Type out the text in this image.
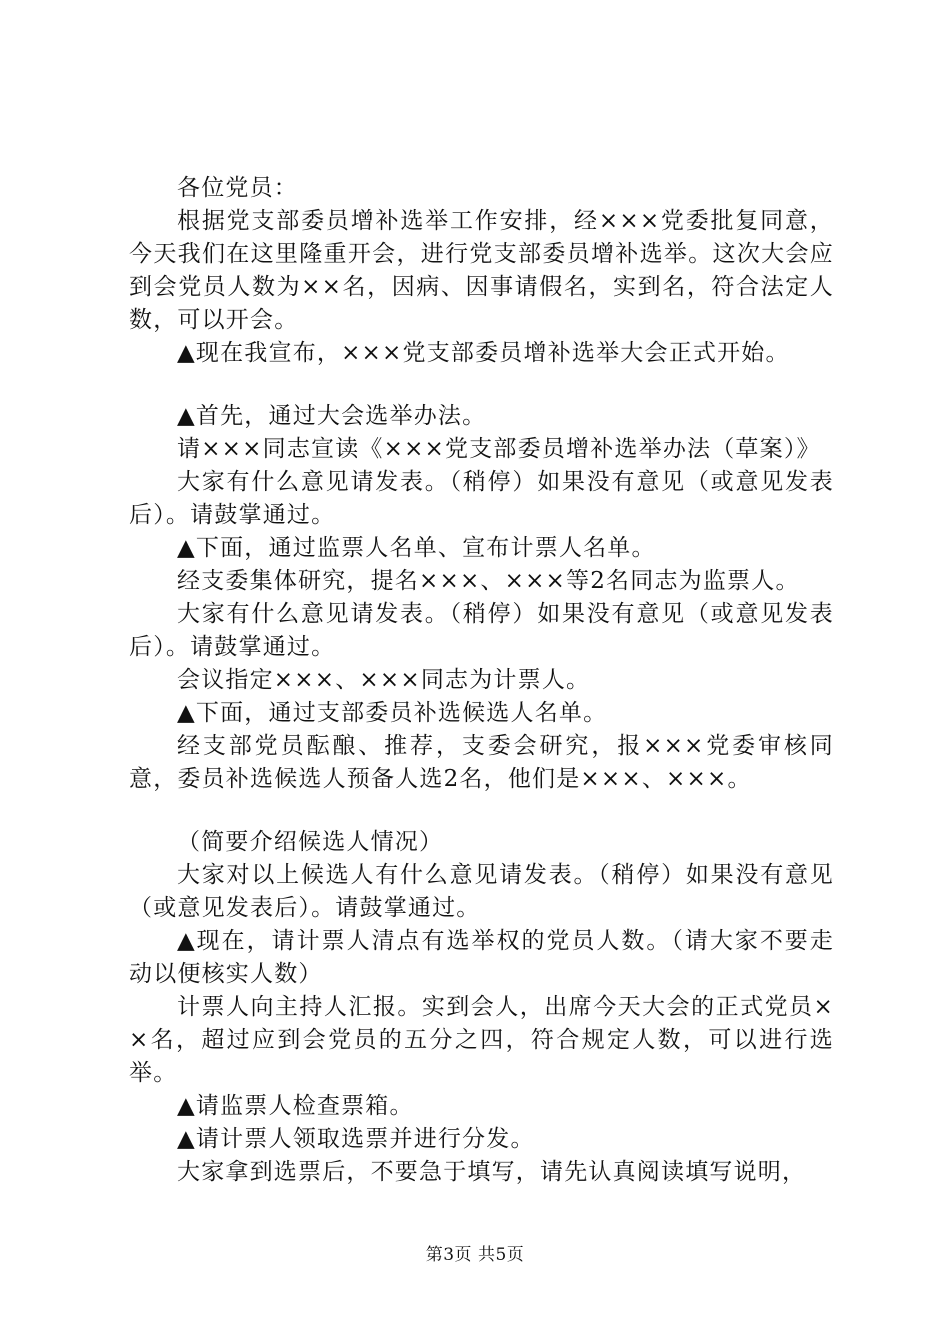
各位党员：

根据党支部委员增补选举工作安排，经×××党委批复同意，今天我们在这里隆重开会，进行党支部委员增补选举。这次大会应到会党员人数为××名，因病、因事请假名，实到名，符合法定人数，可以开会。

▲现在我宣布，×××党支部委员增补选举大会正式开始。

▲首先，通过大会选举办法。

请×××同志宣读《×××党支部委员增补选举办法（草案）》

大家有什么意见请发表。（稍停）如果没有意见（或意见发表后）。请鼓掌通过。

▲下面，通过监票人名单、宣布计票人名单。

经支委集体研究，提名×××、×××等2名同志为监票人。

大家有什么意见请发表。（稍停）如果没有意见（或意见发表后）。请鼓掌通过。

会议指定×××、×××同志为计票人。

▲下面，通过支部委员补选候选人名单。

经支部党员酝酿、推荐，支委会研究，报×××党委审核同意，委员补选候选人预备人选2名，他们是×××、×××。

（简要介绍候选人情况）

大家对以上候选人有什么意见请发表。（稍停）如果没有意见（或意见发表后）。请鼓掌通过。

▲现在，请计票人清点有选举权的党员人数。（请大家不要走动以便核实人数）

计票人向主持人汇报。实到会人，出席今天大会的正式党员××名，超过应到会党员的五分之四，符合规定人数，可以进行选举。

▲请监票人检查票箱。

▲请计票人领取选票并进行分发。

大家拿到选票后，不要急于填写，请先认真阅读填写说明，

第3页 共5页
